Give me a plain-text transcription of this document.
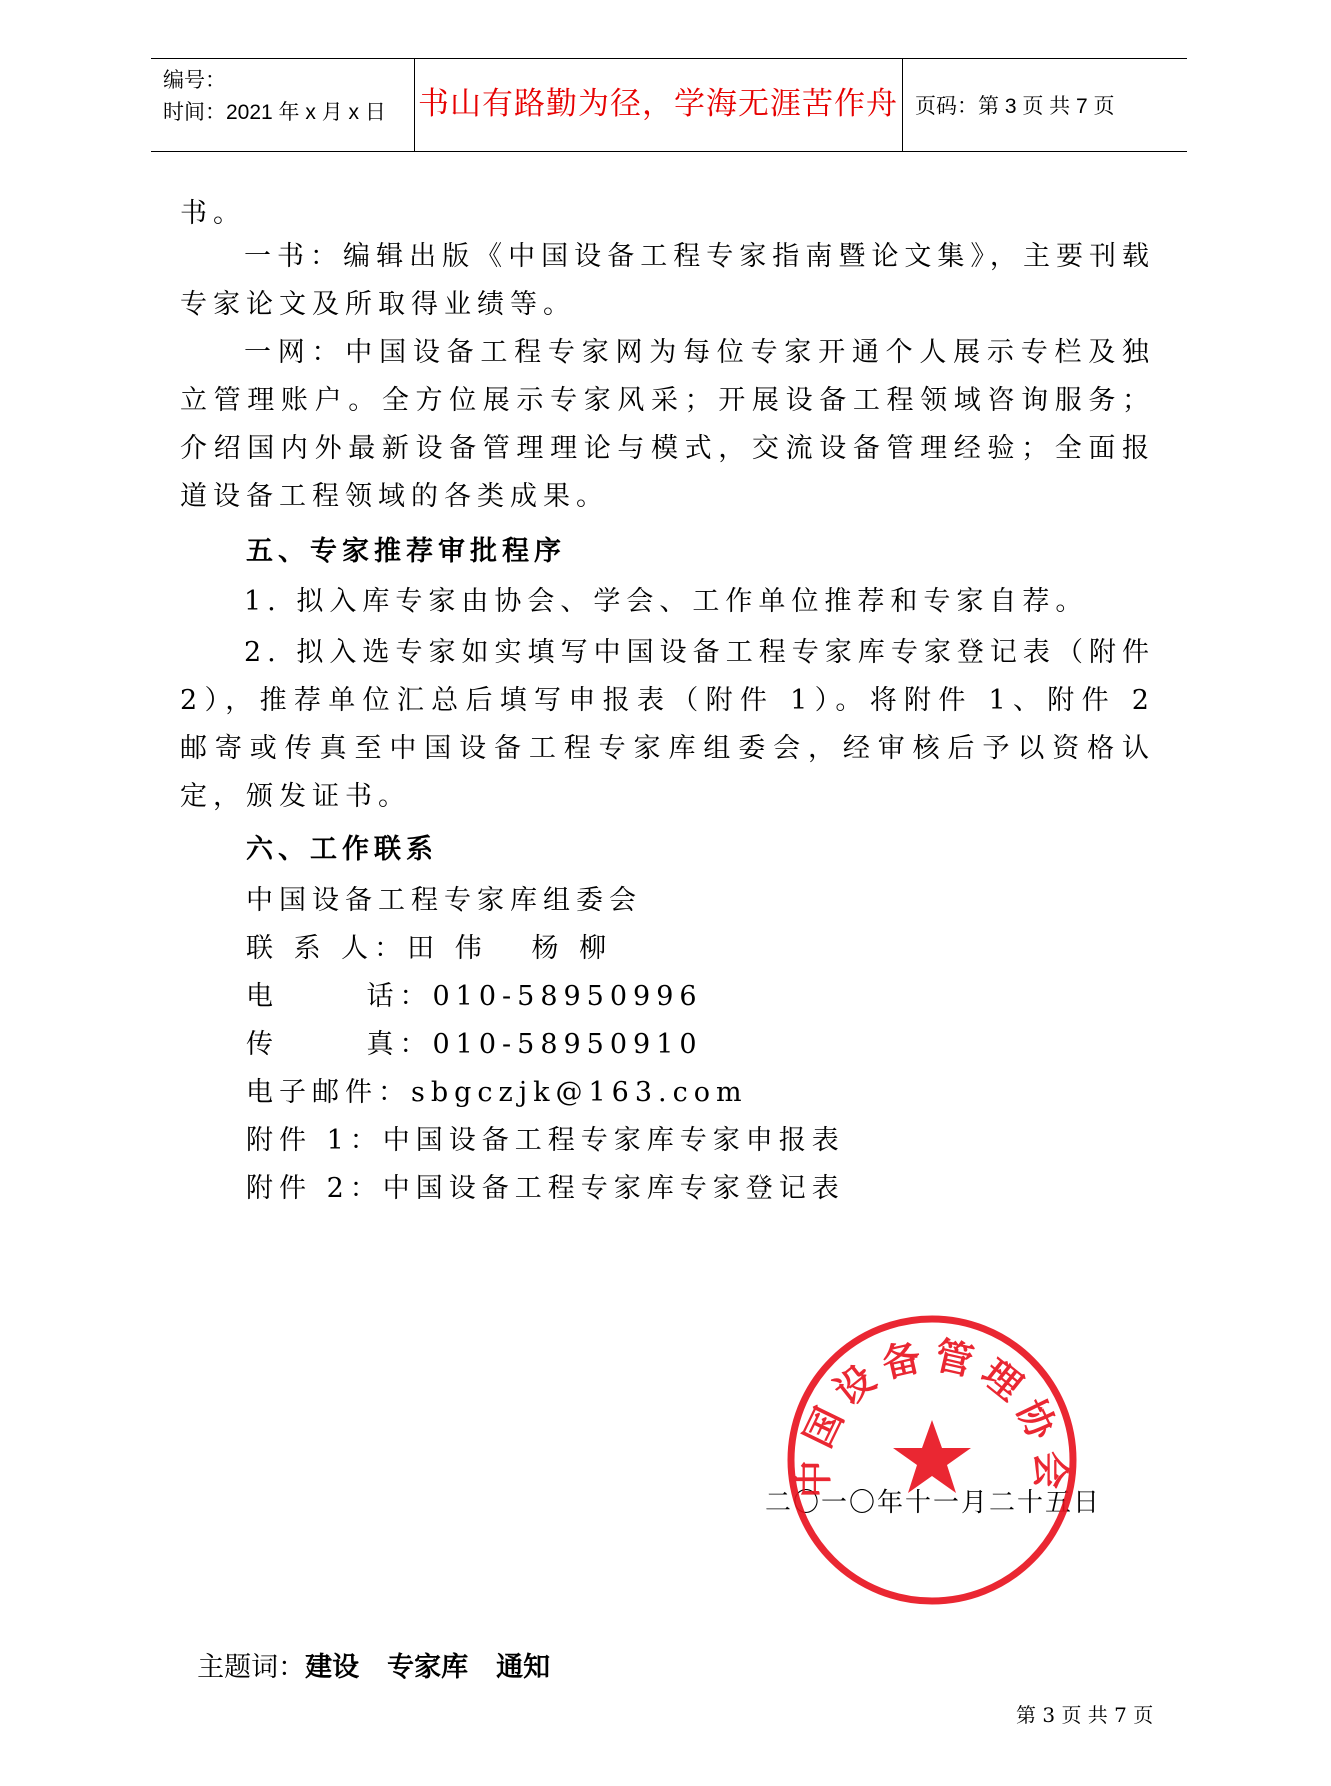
编号：
时间：2021 年 x 月 x 日 书山有路勤为径，学海无涯苦作舟 页码：第 3 页 共 7 页
书。
一书：编辑出版《中国设备工程专家指南暨论文集》，主要刊载专家论文及所取得业绩等。
一网：中国设备工程专家网为每位专家开通个人展示专栏及独立管理账户。全方位展示专家风采；开展设备工程领域咨询服务；介绍国内外最新设备管理理论与模式，交流设备管理经验；全面报道设备工程领域的各类成果。
五、专家推荐审批程序
1. 拟入库专家由协会、学会、工作单位推荐和专家自荐。
2. 拟入选专家如实填写中国设备工程专家库专家登记表（附件 2），推荐单位汇总后填写申报表（附件 1）。将附件 1、附件 2 邮寄或传真至中国设备工程专家库组委会，经审核后予以资格认定，颁发证书。
六、工作联系
中国设备工程专家库组委会
联 系 人：田 伟   杨 柳
电      话：010-58950996
传      真：010-58950910
电子邮件：sbgczjk@163.com
附件 1：中国设备工程专家库专家申报表
附件 2：中国设备工程专家库专家登记表
二〇一〇年十一月二十五日
中国设备管理协会

主题词：建设 专家库 通知

第 3 页 共 7 页
